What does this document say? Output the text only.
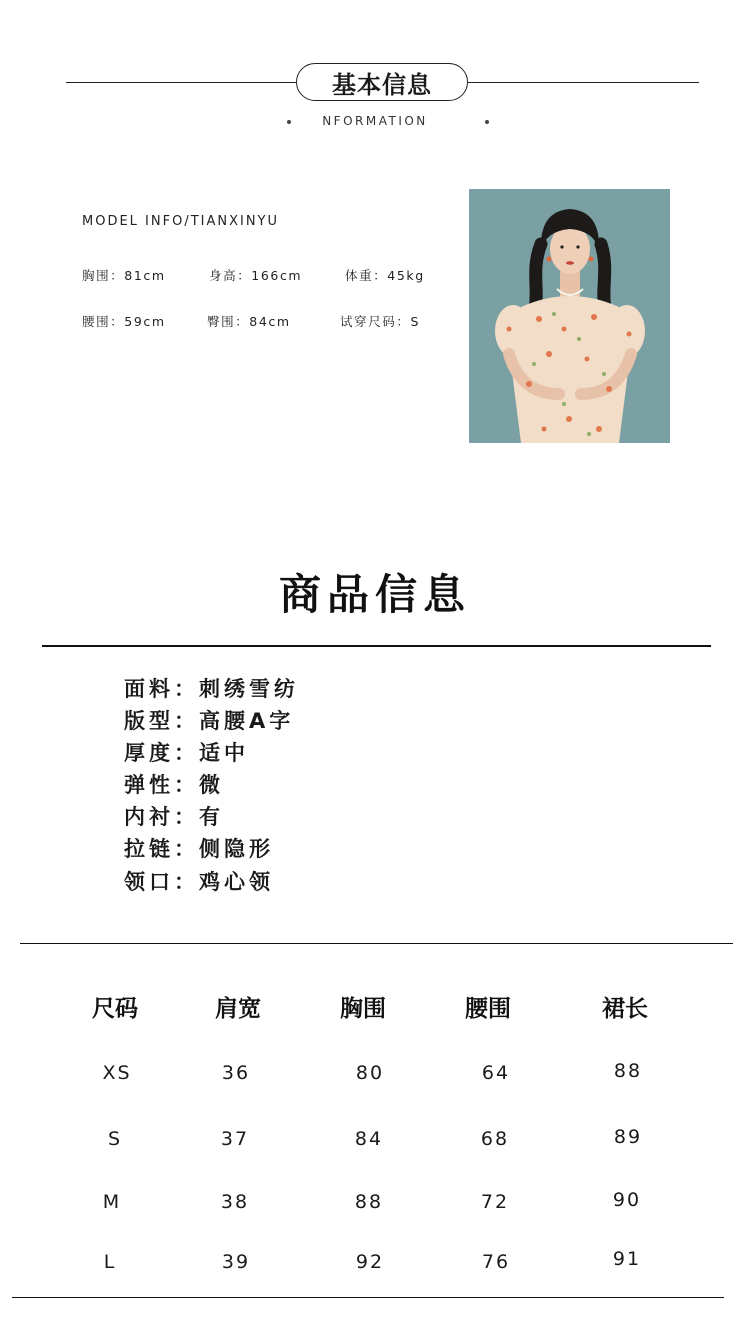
基本信息
NFORMATION
MODEL INFO/TIANXINYU
胸围：81cm	身高：166cm	体重：45kg
腰围：59cm	臀围：84cm	试穿尺码：S
商品信息
面料：刺绣雪纺
版型：高腰A字
厚度：适中
弹性：微
内衬：有
拉链：侧隐形
领口：鸡心领
尺码	肩宽	胸围	腰围	裙长
XS	36	80	64	88
S	37	84	68	89
M	38	88	72	90
L	39	92	76	91
